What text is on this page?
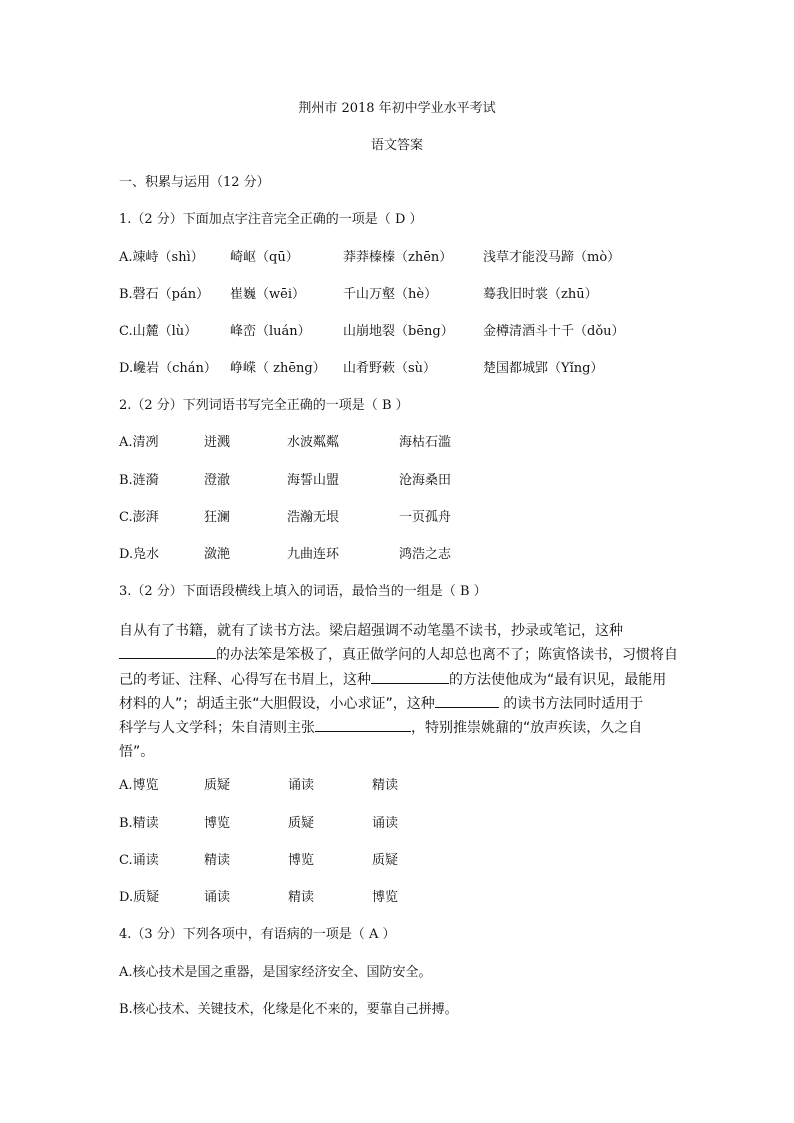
荆州市 2018 年初中学业水平考试
语文答案
一、积累与运用（12 分）
1.（2 分）下面加点字注音完全正确的一项是（ D ）
A.竦峙（shì） 崎岖（qū）	莽莽榛榛（zhēn） 浅草才能没马蹄（mò）
B.磬石（pán） 崔巍（wēi）	千山万壑（hè）	蓦我旧时裳（zhū）
C.山麓（lù）	峰峦（luán） 山崩地裂（bēng） 金樽清酒斗十千（dǒu）
D.巉岩（chán） 峥嵘（ zhēng） 山肴野蔌（sù）	楚国都城郢（Yǐng）
2.（2 分）下列词语书写完全正确的一项是（ B ）
A.清冽	迸溅	水波粼粼	海枯石滥
B.涟漪	澄澈	海誓山盟	沧海桑田
C.澎湃	狂澜	浩瀚无垠	一页孤舟
D.凫水	潋滟	九曲连环	鸿浩之志
3.（2 分）下面语段横线上填入的词语，最恰当的一组是（ B ）
自从有了书籍，就有了读书方法。梁启超强调不动笔墨不读书，抄录或笔记，这种
的办法笨是笨极了，真正做学问的人却总也离不了；陈寅恪读书，习惯将自
己的考证、注释、心得写在书眉上，这种	的方法使他成为“最有识见，最能用
材料的人”；胡适主张“大胆假设，小心求证”，这种	的读书方法同时适用于
科学与人文学科；朱自清则主张	，特别推崇姚鼐的“放声疾读，久之自
悟”。
A.博览	质疑	诵读	精读
B.精读	博览	质疑	诵读
C.诵读	精读	博览	质疑
D.质疑	诵读	精读	博览
4.（3 分）下列各项中，有语病的一项是（ A ）
A.核心技术是国之重器，是国家经济安全、国防安全。
B.核心技术、关键技术，化缘是化不来的，要靠自己拼搏。
